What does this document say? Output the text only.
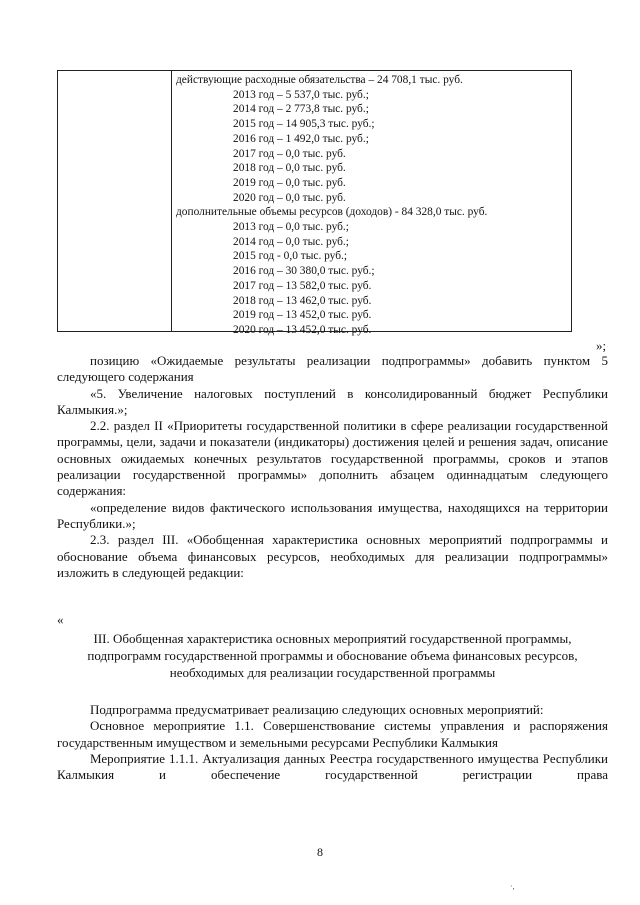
действующие расходные обязательства – 24 708,1 тыс. руб.
2013 год – 5 537,0 тыс. руб.;
2014 год – 2 773,8 тыс. руб.;
2015 год – 14 905,3 тыс. руб.;
2016 год – 1 492,0 тыс. руб.;
2017 год – 0,0 тыс. руб.
2018 год – 0,0 тыс. руб.
2019 год – 0,0 тыс. руб.
2020 год – 0,0 тыс. руб.
дополнительные объемы ресурсов (доходов) - 84 328,0 тыс. руб.
2013 год – 0,0 тыс. руб.;
2014 год – 0,0 тыс. руб.;
2015 год - 0,0 тыс. руб.;
2016 год – 30 380,0 тыс. руб.;
2017 год – 13 582,0 тыс. руб.
2018 год – 13 462,0 тыс. руб.
2019 год – 13 452,0 тыс. руб.
2020 год – 13 452,0 тыс. руб.
»;

позицию «Ожидаемые результаты реализации подпрограммы» добавить пунктом 5 следующего содержания

«5. Увеличение налоговых поступлений в консолидированный бюджет Республики Калмыкия.»;

2.2. раздел II «Приоритеты государственной политики в сфере реализации государственной программы, цели, задачи и показатели (индикаторы) достижения целей и решения задач, описание основных ожидаемых конечных результатов государственной программы, сроков и этапов реализации государственной программы» дополнить абзацем одиннадцатым следующего содержания:

«определение видов фактического использования имущества, находящихся на территории Республики.»;

2.3. раздел III. «Обобщенная характеристика основных мероприятий подпрограммы и обоснование объема финансовых ресурсов, необходимых для реализации подпрограммы» изложить в следующей редакции:

«
III. Обобщенная характеристика основных мероприятий государственной программы, подпрограмм государственной программы и обоснование объема финансовых ресурсов, необходимых для реализации государственной программы

Подпрограмма предусматривает реализацию следующих основных мероприятий:

Основное мероприятие 1.1. Совершенствование системы управления и распоряжения государственным имуществом и земельными ресурсами Республики Калмыкия

Мероприятие 1.1.1. Актуализация данных Реестра государственного имущества Республики Калмыкия и обеспечение государственной регистрации права

8
·,
